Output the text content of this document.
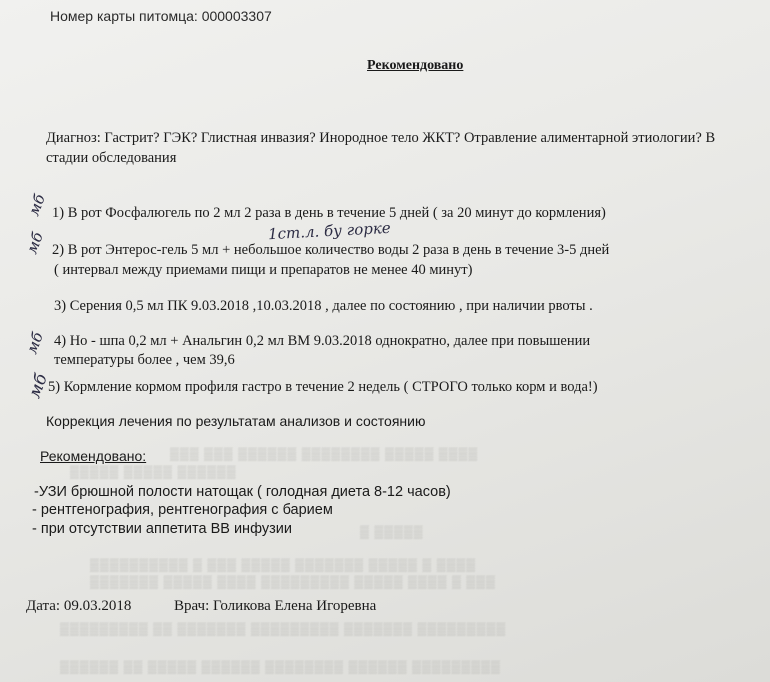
Номер карты питомца: 000003307
Рекомендовано
Диагноз: Гастрит? ГЭК? Глистная инвазия? Инородное тело ЖКТ? Отравление алиментарной этиологии? В стадии обследования
мб
мб
мб
мб
1ст.л. бу горке
1) В рот Фосфалюгель по 2 мл 2 раза в день в течение 5 дней ( за 20 минут до кормления)
2) В рот Энтерос-гель 5 мл + небольшое количество воды 2 раза в день в течение 3-5 дней
( интервал между приемами пищи и препаратов не менее 40 минут)
3) Серения 0,5 мл ПК 9.03.2018 ,10.03.2018 , далее по состоянию , при наличии рвоты .
4) Но - шпа 0,2 мл + Анальгин 0,2 мл ВМ 9.03.2018 однократно, далее при повышении
температуры более , чем 39,6
5) Кормление кормом профиля гастро в течение 2 недель ( СТРОГО только корм и вода!)
Коррекция лечения по результатам анализов и состоянию
Рекомендовано: ▒▒▒ ▒▒▒ ▒▒▒▒▒▒ ▒▒▒▒▒▒▒▒ ▒▒▒▒▒ ▒▒▒▒
▒▒▒▒▒ ▒▒▒▒▒ ▒▒▒▒▒▒
▒ ▒▒▒▒▒
▒▒▒▒▒▒▒▒▒▒ ▒ ▒▒▒ ▒▒▒▒▒ ▒▒▒▒▒▒▒ ▒▒▒▒▒ ▒ ▒▒▒▒
▒▒▒▒▒▒▒ ▒▒▒▒▒ ▒▒▒▒ ▒▒▒▒▒▒▒▒▒ ▒▒▒▒▒ ▒▒▒▒ ▒ ▒▒▒
▒▒▒▒▒▒▒▒▒ ▒▒ ▒▒▒▒▒▒▒ ▒▒▒▒▒▒▒▒▒ ▒▒▒▒▒▒▒ ▒▒▒▒▒▒▒▒▒
▒▒▒▒▒▒ ▒▒ ▒▒▒▒▒ ▒▒▒▒▒▒ ▒▒▒▒▒▒▒▒ ▒▒▒▒▒▒ ▒▒▒▒▒▒▒▒▒
-УЗИ брюшной полости натощак ( голодная диета 8-12 часов)
- рентгенография, рентгенография с барием
- при отсутствии аппетита ВВ инфузии
Дата: 09.03.2018	Врач: Голикова Елена Игоревна
